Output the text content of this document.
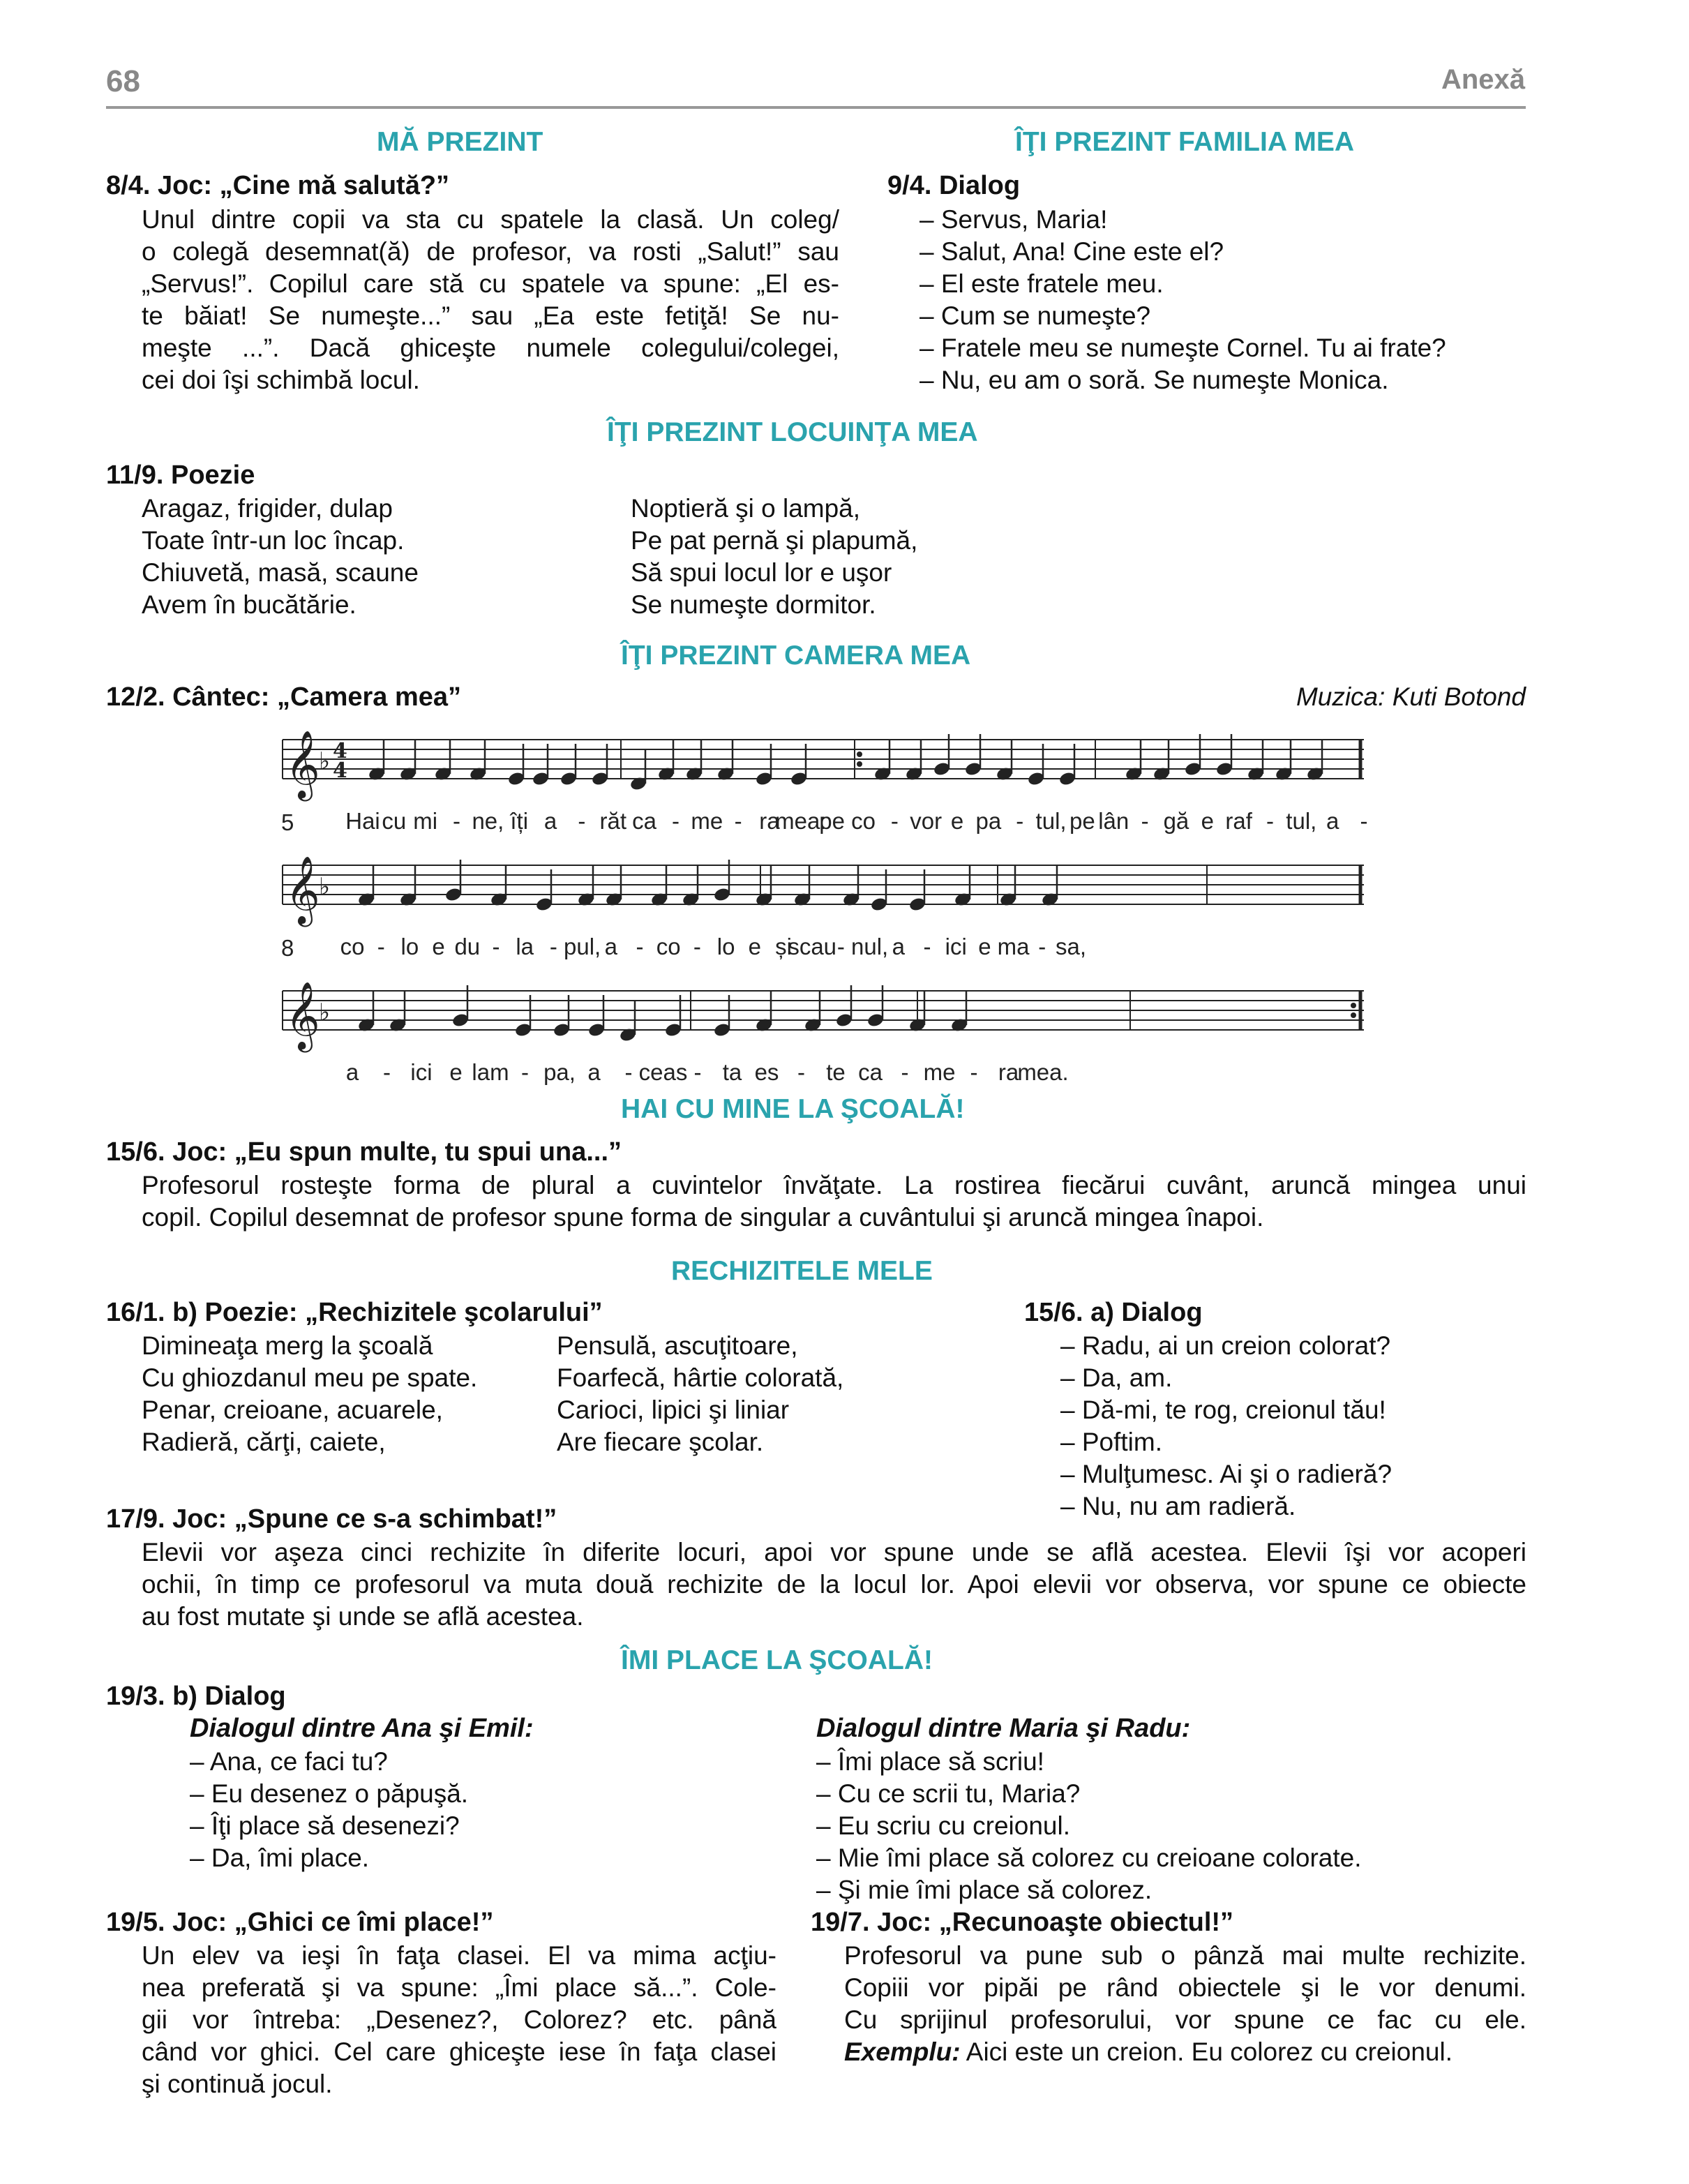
68	Anexă
MĂ PREZINT
8/4. Joc: „Cine mă salută?”
Unul dintre copii va sta cu spatele la clasă. Un coleg/
o colegă desemnat(ă) de profesor, va rosti „Salut!” sau
„Servus!”. Copilul care stă cu spatele va spune: „El es-
te băiat! Se numeşte...” sau „Ea este fetiţă! Se nu-
meşte ...”. Dacă ghiceşte numele colegului/colegei,
cei doi îşi schimbă locul.
ÎŢI PREZINT FAMILIA MEA
9/4. Dialog
– Servus, Maria!
– Salut, Ana! Cine este el?
– El este fratele meu.
– Cum se numeşte?
– Fratele meu se numeşte Cornel. Tu ai frate?
– Nu, eu am o soră. Se numeşte Monica.
ÎŢI PREZINT LOCUINŢA MEA
11/9. Poezie
Aragaz, frigider, dulap
Toate într-un loc încap.
Chiuvetă, masă, scaune
Avem în bucătărie.
Noptieră şi o lampă,
Pe pat pernă şi plapumă,
Să spui locul lor e uşor
Se numeşte dormitor.
ÎŢI PREZINT CAMERA MEA
12/2. Cântec: „Camera mea”	Muzica: Kuti Botond
𝄞
♭
𝄞
♭
𝄞
♭
4
4
5
8
Hai cu mi - ne, îți a - răt ca - me - ra
mea:
pe co - vor e pa - tul, pe lân - gă e raf - tul, a -
co - lo e du - la - pul, a - co - lo e și
scau - nul, a - ici e ma - sa,
a - ici e lam - pa, a - ceas - ta es - te ca - me - ra
mea.
HAI CU MINE LA ŞCOALĂ!
15/6. Joc: „Eu spun multe, tu spui una...”
Profesorul rosteşte forma de plural a cuvintelor învăţate. La rostirea fiecărui cuvânt, aruncă mingea unui
copil. Copilul desemnat de profesor spune forma de singular a cuvântului şi aruncă mingea înapoi.
RECHIZITELE MELE
16/1. b) Poezie: „Rechizitele şcolarului”
Dimineaţa merg la şcoală
Cu ghiozdanul meu pe spate.
Penar, creioane, acuarele,
Radieră, cărţi, caiete,
Pensulă, ascuţitoare,
Foarfecă, hârtie colorată,
Carioci, lipici şi liniar
Are fiecare şcolar.
15/6. a) Dialog
– Radu, ai un creion colorat?
– Da, am.
– Dă-mi, te rog, creionul tău!
– Poftim.
– Mulţumesc. Ai şi o radieră?
– Nu, nu am radieră.
17/9. Joc: „Spune ce s-a schimbat!”
Elevii vor aşeza cinci rechizite în diferite locuri, apoi vor spune unde se află acestea. Elevii îşi vor acoperi
ochii, în timp ce profesorul va muta două rechizite de la locul lor. Apoi elevii vor observa, vor spune ce obiecte
au fost mutate şi unde se află acestea.
ÎMI PLACE LA ŞCOALĂ!
19/3. b) Dialog
Dialogul dintre Ana şi Emil:
– Ana, ce faci tu?
– Eu desenez o păpuşă.
– Îţi place să desenezi?
– Da, îmi place.
Dialogul dintre Maria şi Radu:
– Îmi place să scriu!
– Cu ce scrii tu, Maria?
– Eu scriu cu creionul.
– Mie îmi place să colorez cu creioane colorate.
– Şi mie îmi place să colorez.
19/5. Joc: „Ghici ce îmi place!”
Un elev va ieşi în faţa clasei. El va mima acţiu-
nea preferată şi va spune: „Îmi place să...”. Cole-
gii vor întreba: „Desenez?, Colorez? etc. până
când vor ghici. Cel care ghiceşte iese în faţa clasei
şi continuă jocul.
19/7. Joc: „Recunoaşte obiectul!”
Profesorul va pune sub o pânză mai multe rechizite.
Copiii vor pipăi pe rând obiectele şi le vor denumi.
Cu sprijinul profesorului, vor spune ce fac cu ele.
Exemplu: Aici este un creion. Eu colorez cu creionul.
